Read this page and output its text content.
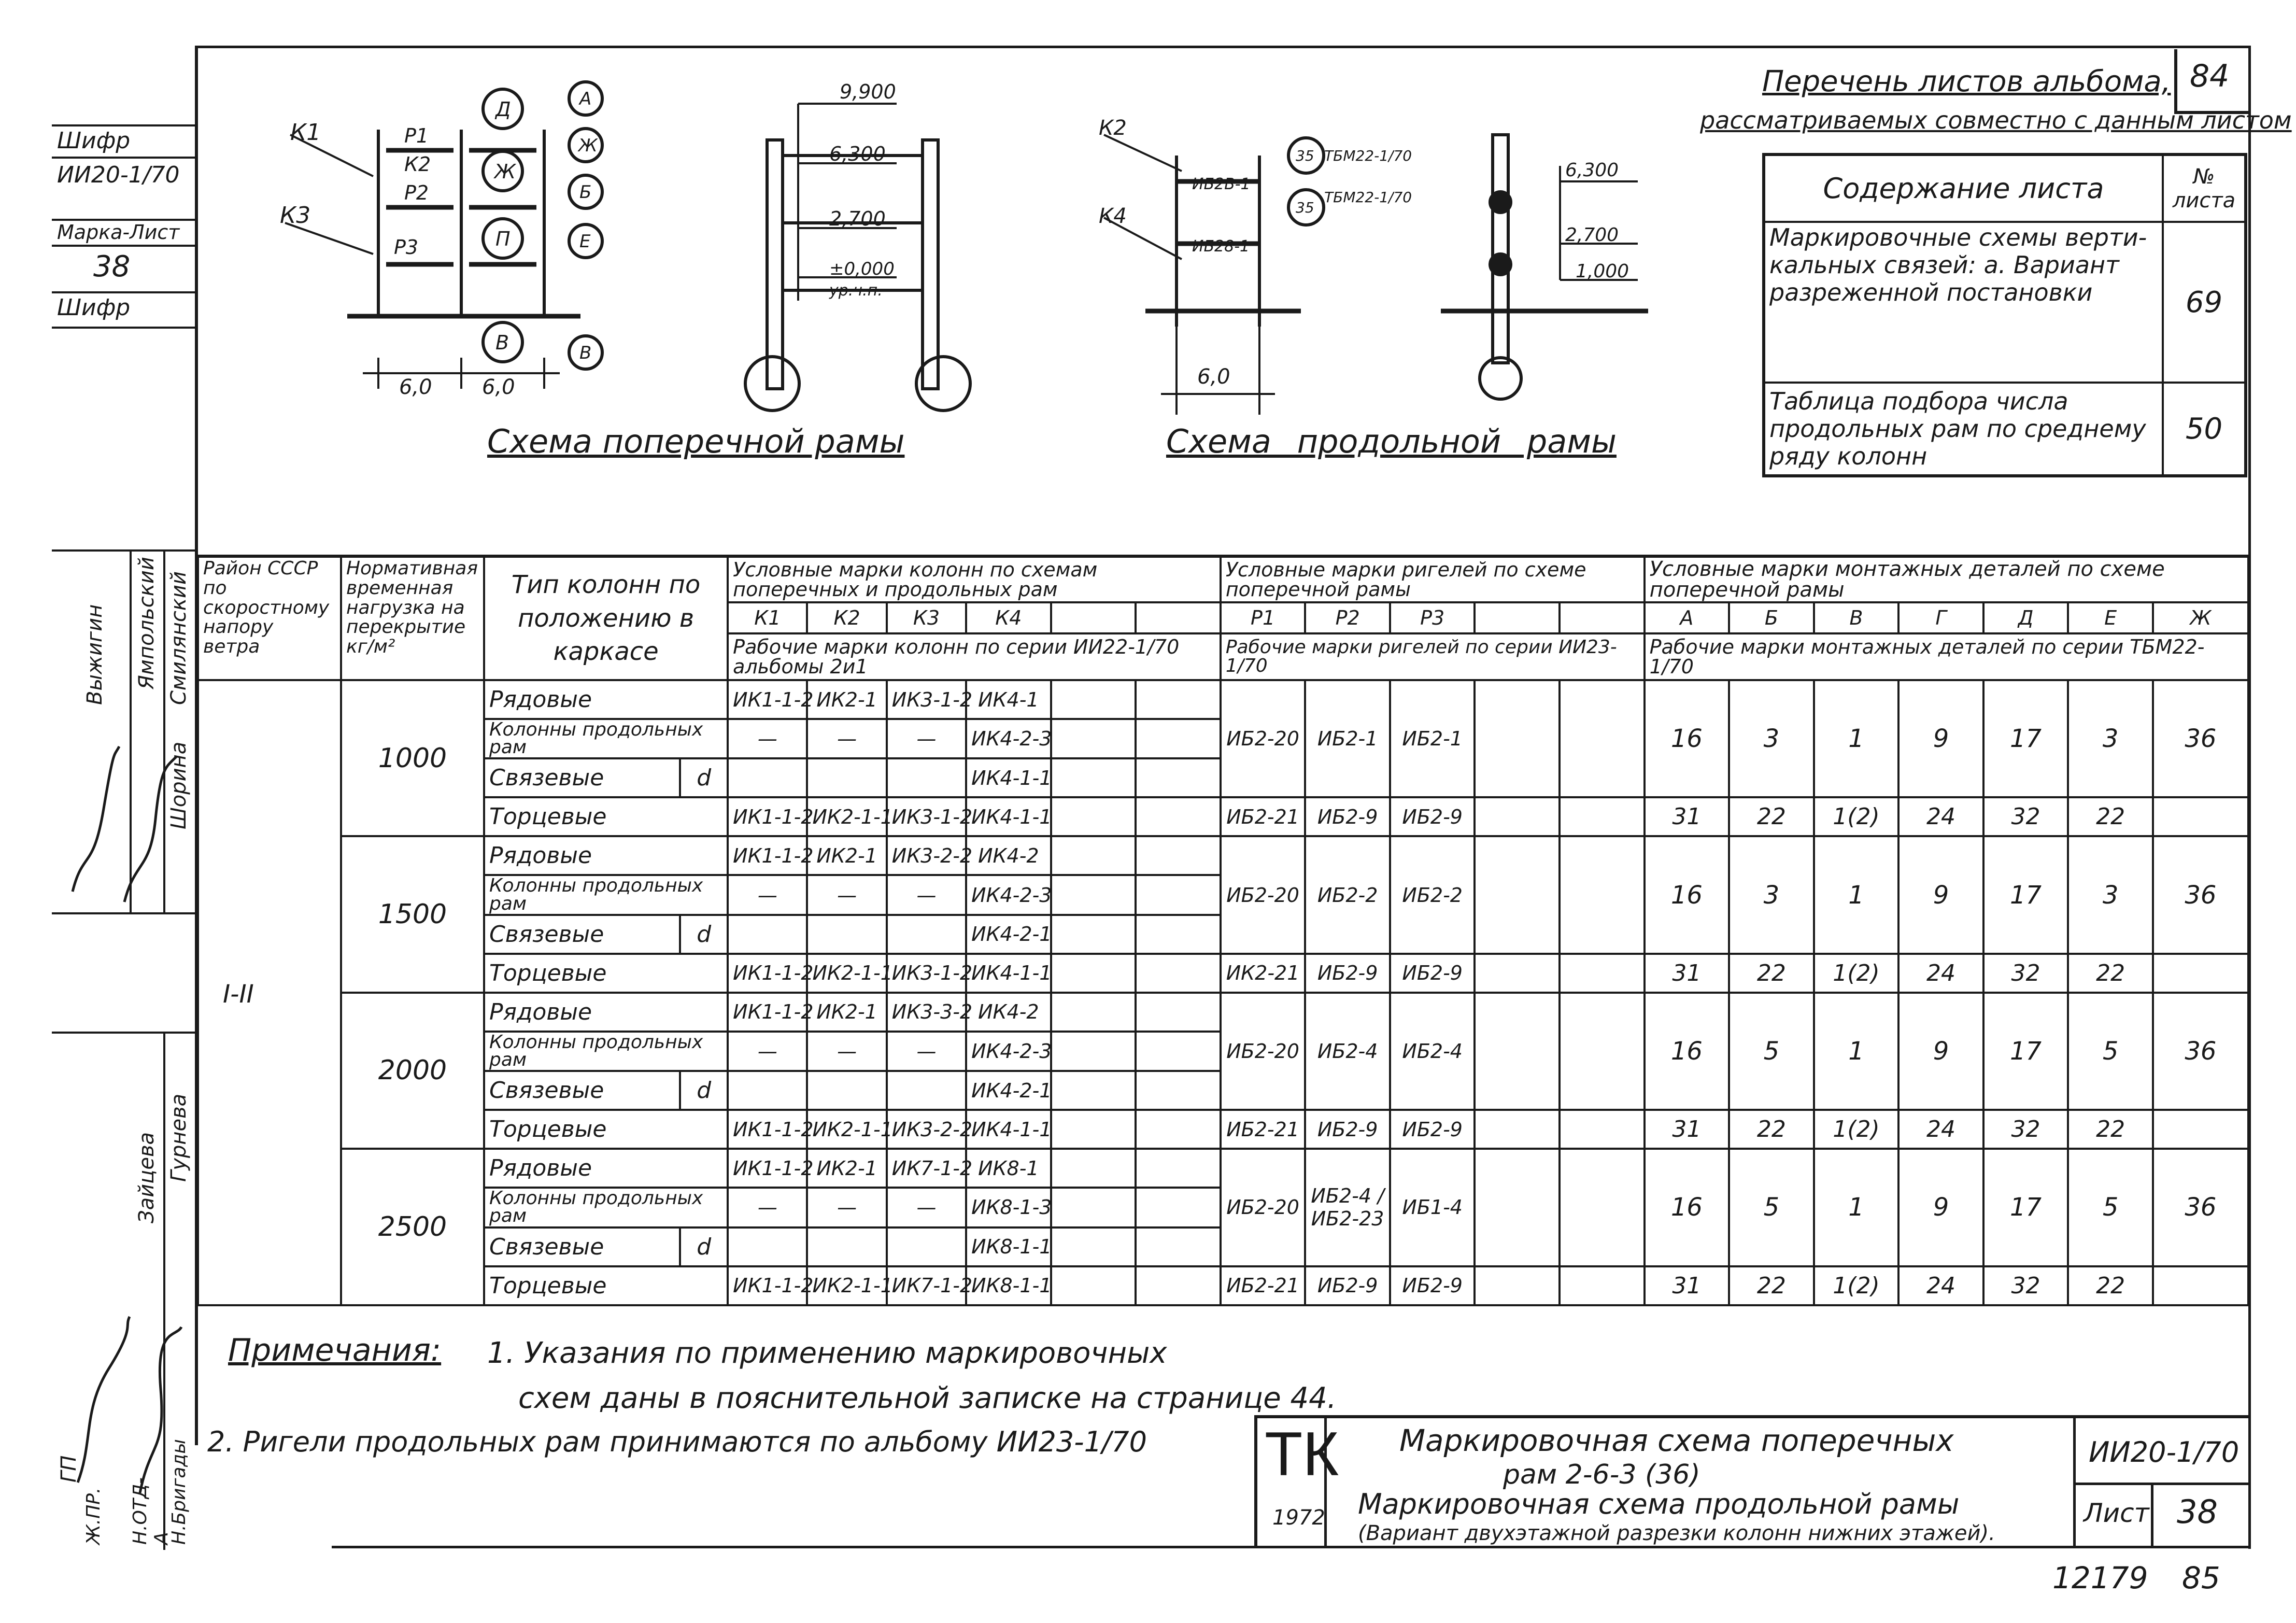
Шифр
ИИ20-1/70
Марка-Лист
38
Шифр
Выжигин Ямпольский Смилянский
Шорина
Зайцева Гурнева
ГП
Ж.ПР. Н.ОТД-А
Н.Бригады
Перечень листов альбома,
рассматриваемых совместно с данным листом
84
Содержание листа	№ листа
Маркировочные схемы верти-кальных связей: а. Вариант разреженной постановки	69
Таблица подбора числа продольных рам по среднему ряду колонн	50
К1
К3
Р1
К2
Р2
Р3
Д
Ж
П
В
А
Ж
Б
Е
В
6,0 6,0
9,900
6,300
2,700
±0,000
ур.ч.п.
К2
К4
ИБ2В-1
ИБ28-1
35
35
ТБМ22-1/70
ТБМ22-1/70
6,0
6,300
2,700
1,000
Схема поперечной рамы	Схема продольной рамы
Район СССР по скоростному напору ветра	Нормативная временная нагрузка на перекрытие кг/м²	Тип колонн по положению в каркасе		Условные марки колонн по схемам поперечных и продольных рам						Условные марки ригелей по схеме поперечной рамы					Условные марки монтажных деталей по схеме поперечной рамы						
				К1	К2	К3	К4			Р1	Р2	Р3			А	Б	В	Г	Д	Е	Ж
				Рабочие марки колонн по серии ИИ22-1/70 альбомы 2и1						Рабочие марки ригелей по серии ИИ23-1/70					Рабочие марки монтажных деталей по серии ТБМ22-1/70						
	1000	Рядовые		ИК1-1-2	ИК2-1	ИК3-1-2	ИК4-1			ИБ2-20	ИБ2-1	ИБ2-1			16	3	1	9	17	3	36
		Колонны продольных рам		—	—	—	ИК4-2-3														
		Связевые	d				ИК4-1-1														
		Торцевые		ИК1-1-2	ИК2-1-1	ИК3-1-2	ИК4-1-1			ИБ2-21	ИБ2-9	ИБ2-9			31	22	1(2)	24	32	22	
	1500	Рядовые		ИК1-1-2	ИК2-1	ИК3-2-2	ИК4-2			ИБ2-20	ИБ2-2	ИБ2-2			16	3	1	9	17	3	36
		Колонны продольных рам		—	—	—	ИК4-2-3														
		Связевые	d				ИК4-2-1														
		Торцевые		ИК1-1-2	ИК2-1-1	ИК3-1-2	ИК4-1-1			ИК2-21	ИБ2-9	ИБ2-9			31	22	1(2)	24	32	22	
	2000	Рядовые		ИК1-1-2	ИК2-1	ИК3-3-2	ИК4-2			ИБ2-20	ИБ2-4	ИБ2-4			16	5	1	9	17	5	36
		Колонны продольных рам		—	—	—	ИК4-2-3														
		Связевые	d				ИК4-2-1														
		Торцевые		ИК1-1-2	ИК2-1-1	ИК3-2-2	ИК4-1-1			ИБ2-21	ИБ2-9	ИБ2-9			31	22	1(2)	24	32	22	
	2500	Рядовые		ИК1-1-2	ИК2-1	ИК7-1-2	ИК8-1			ИБ2-20	ИБ2-4 / ИБ2-23	ИБ1-4			16	5	1	9	17	5	36
		Колонны продольных рам		—	—	—	ИК8-1-3														
		Связевые	d				ИК8-1-1														
		Торцевые		ИК1-1-2	ИК2-1-1	ИК7-1-2	ИК8-1-1			ИБ2-21	ИБ2-9	ИБ2-9			31	22	1(2)	24	32	22	
I-II
Примечания: 1. Указания по применению маркировочных
схем даны в пояснительной записке на странице 44.
2. Ригели продольных рам принимаются по альбому ИИ23-1/70 ТК
1972
Маркировочная схема поперечных
рам 2-6-3 (36)
Маркировочная схема продольной рамы
(Вариант двухэтажной разрезки колонн нижних этажей).
ИИ20-1/70
Лист 38
12179 85
